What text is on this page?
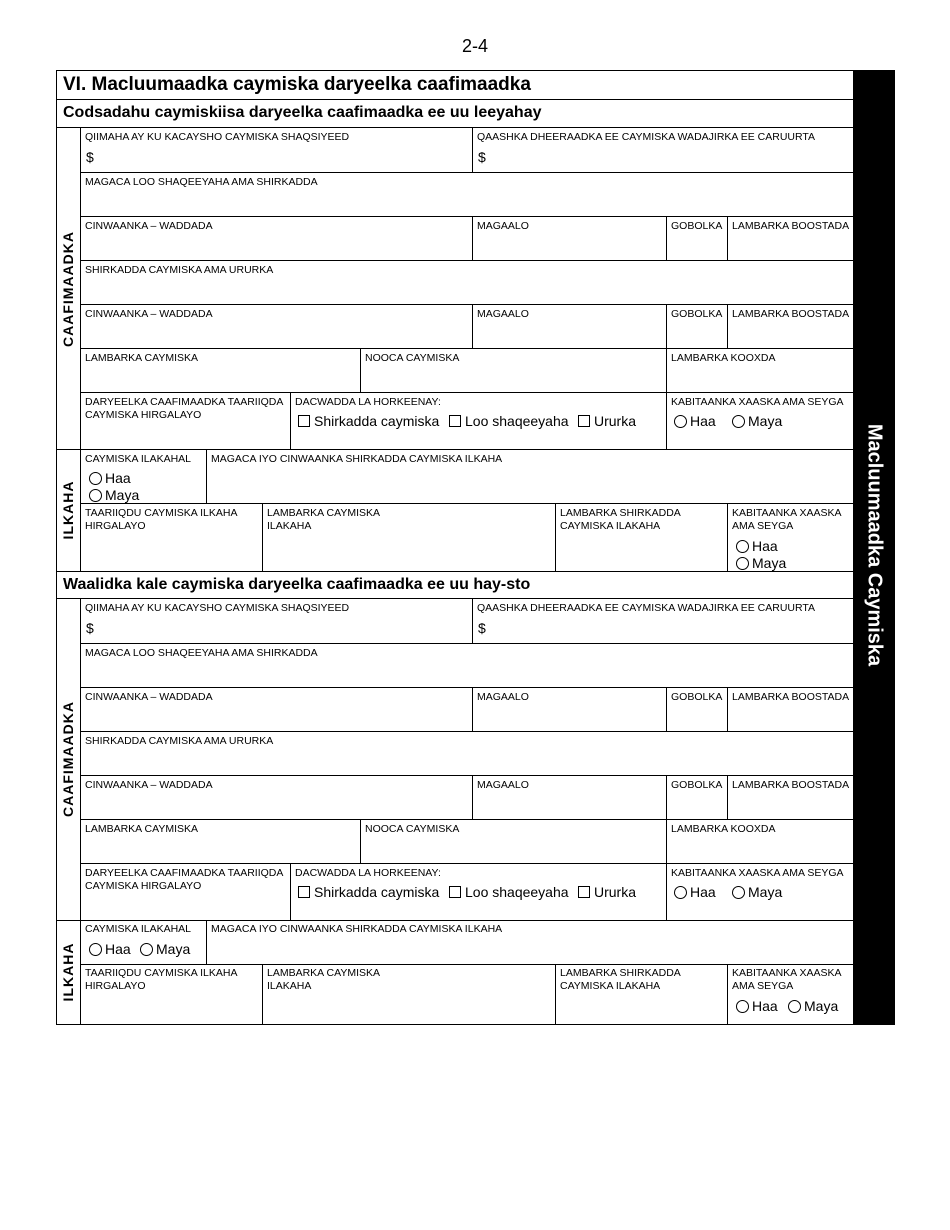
2-4
Macluumaadka Caymiska
VI. Macluumaadka caymiska daryeelka caafimaadka
Codsadahu caymiskiisa daryeelka caafimaadka ee uu leeyahay
CAAFIMAADKA
ILKAHA
QIIMAHA AY KU KACAYSHO CAYMISKA SHAQSIYEED
$
QAASHKA DHEERAADKA EE CAYMISKA WADAJIRKA EE CARUURTA
$
MAGACA LOO SHAQEEYAHA AMA SHIRKADDA
CINWAANKA – WADDADA	MAGAALO	GOBOLKA LAMBARKA BOOSTADA
SHIRKADDA CAYMISKA AMA URURKA
CINWAANKA – WADDADA	MAGAALO	GOBOLKA LAMBARKA BOOSTADA
LAMBARKA CAYMISKA	NOOCA CAYMISKA	LAMBARKA KOOXDA
DARYEELKA CAAFIMAADKA TAARIIQDA CAYMISKA HIRGALAYO
DACWADDA LA HORKEENAY:
Shirkadda caymiska Loo shaqeeyaha Ururka
KABITAANKA XAASKA AMA SEYGA
Haa Maya
CAYMISKA ILAKAHAL
Haa
Maya
MAGACA IYO CINWAANKA SHIRKADDA CAYMISKA ILKAHA
TAARIIQDU CAYMISKA ILKAHA HIRGALAYO
LAMBARKA CAYMISKA ILAKAHA
LAMBARKA SHIRKADDA CAYMISKA ILAKAHA
KABITAANKA XAASKA AMA SEYGA
Haa
Maya
Waalidka kale caymiska daryeelka caafimaadka ee uu hay-sto
CAAFIMAADKA
ILKAHA
QIIMAHA AY KU KACAYSHO CAYMISKA SHAQSIYEED
$
QAASHKA DHEERAADKA EE CAYMISKA WADAJIRKA EE CARUURTA
$
MAGACA LOO SHAQEEYAHA AMA SHIRKADDA
CINWAANKA – WADDADA	MAGAALO	GOBOLKA LAMBARKA BOOSTADA
SHIRKADDA CAYMISKA AMA URURKA
CINWAANKA – WADDADA	MAGAALO	GOBOLKA LAMBARKA BOOSTADA
LAMBARKA CAYMISKA	NOOCA CAYMISKA	LAMBARKA KOOXDA
DARYEELKA CAAFIMAADKA TAARIIQDA CAYMISKA HIRGALAYO
DACWADDA LA HORKEENAY:
Shirkadda caymiska Loo shaqeeyaha Ururka
KABITAANKA XAASKA AMA SEYGA
Haa Maya
CAYMISKA ILAKAHAL
Haa Maya
MAGACA IYO CINWAANKA SHIRKADDA CAYMISKA ILKAHA
TAARIIQDU CAYMISKA ILKAHA HIRGALAYO
LAMBARKA CAYMISKA ILAKAHA
LAMBARKA SHIRKADDA CAYMISKA ILAKAHA
KABITAANKA XAASKA AMA SEYGA
Haa Maya
